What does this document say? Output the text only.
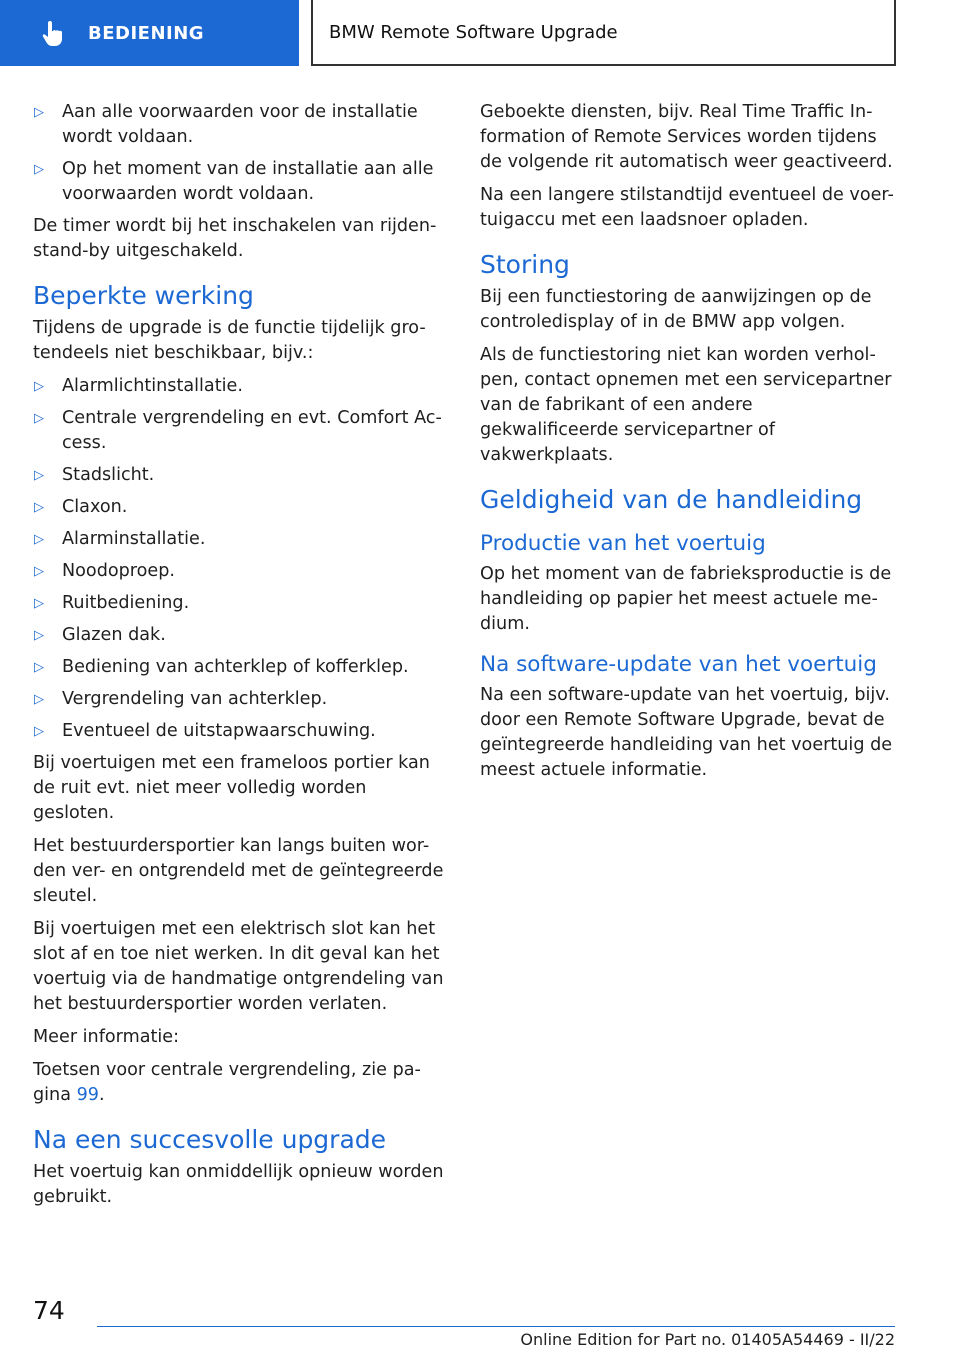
BEDIENING	BMW Remote Software Upgrade
▷ Aan alle voorwaarden voor de installatie wordt voldaan.
▷ Op het moment van de installatie aan alle voorwaarden wordt voldaan.

De timer wordt bij het inschakelen van rijden-stand-by uitgeschakeld.

Beperkte werking

Tijdens de upgrade is de functie tijdelijk gro-tendeels niet beschikbaar, bijv.:

▷ Alarmlichtinstallatie.
▷ Centrale vergrendeling en evt. Comfort Ac-cess.
▷ Stadslicht.
▷ Claxon.
▷ Alarminstallatie.
▷ Noodoproep.
▷ Ruitbediening.
▷ Glazen dak.
▷ Bediening van achterklep of kofferklep.
▷ Vergrendeling van achterklep.
▷ Eventueel de uitstapwaarschuwing.

Bij voertuigen met een frameloos portier kan de ruit evt. niet meer volledig worden gesloten.

Het bestuurdersportier kan langs buiten wor-den ver- en ontgrendeld met de geïntegreerde sleutel.

Bij voertuigen met een elektrisch slot kan het slot af en toe niet werken. In dit geval kan het voertuig via de handmatige ontgrendeling van het bestuurdersportier worden verlaten.

Meer informatie:

Toetsen voor centrale vergrendeling, zie pa-gina 99.

Na een succesvolle upgrade

Het voertuig kan onmiddellijk opnieuw worden gebruikt.

Geboekte diensten, bijv. Real Time Traffic In-formation of Remote Services worden tijdens de volgende rit automatisch weer geactiveerd.

Na een langere stilstandtijd eventueel de voer-tuigaccu met een laadsnoer opladen.

Storing

Bij een functiestoring de aanwijzingen op de controledisplay of in de BMW app volgen.

Als de functiestoring niet kan worden verhol-pen, contact opnemen met een servicepartner van de fabrikant of een andere gekwalificeerde servicepartner of vakwerkplaats.

Geldigheid van de handleiding
Productie van het voertuig

Op het moment van de fabrieksproductie is de handleiding op papier het meest actuele me-dium.

Na software-update van het voertuig

Na een software-update van het voertuig, bijv. door een Remote Software Upgrade, bevat de geïntegreerde handleiding van het voertuig de meest actuele informatie.

74
Online Edition for Part no. 01405A54469 - II/22
